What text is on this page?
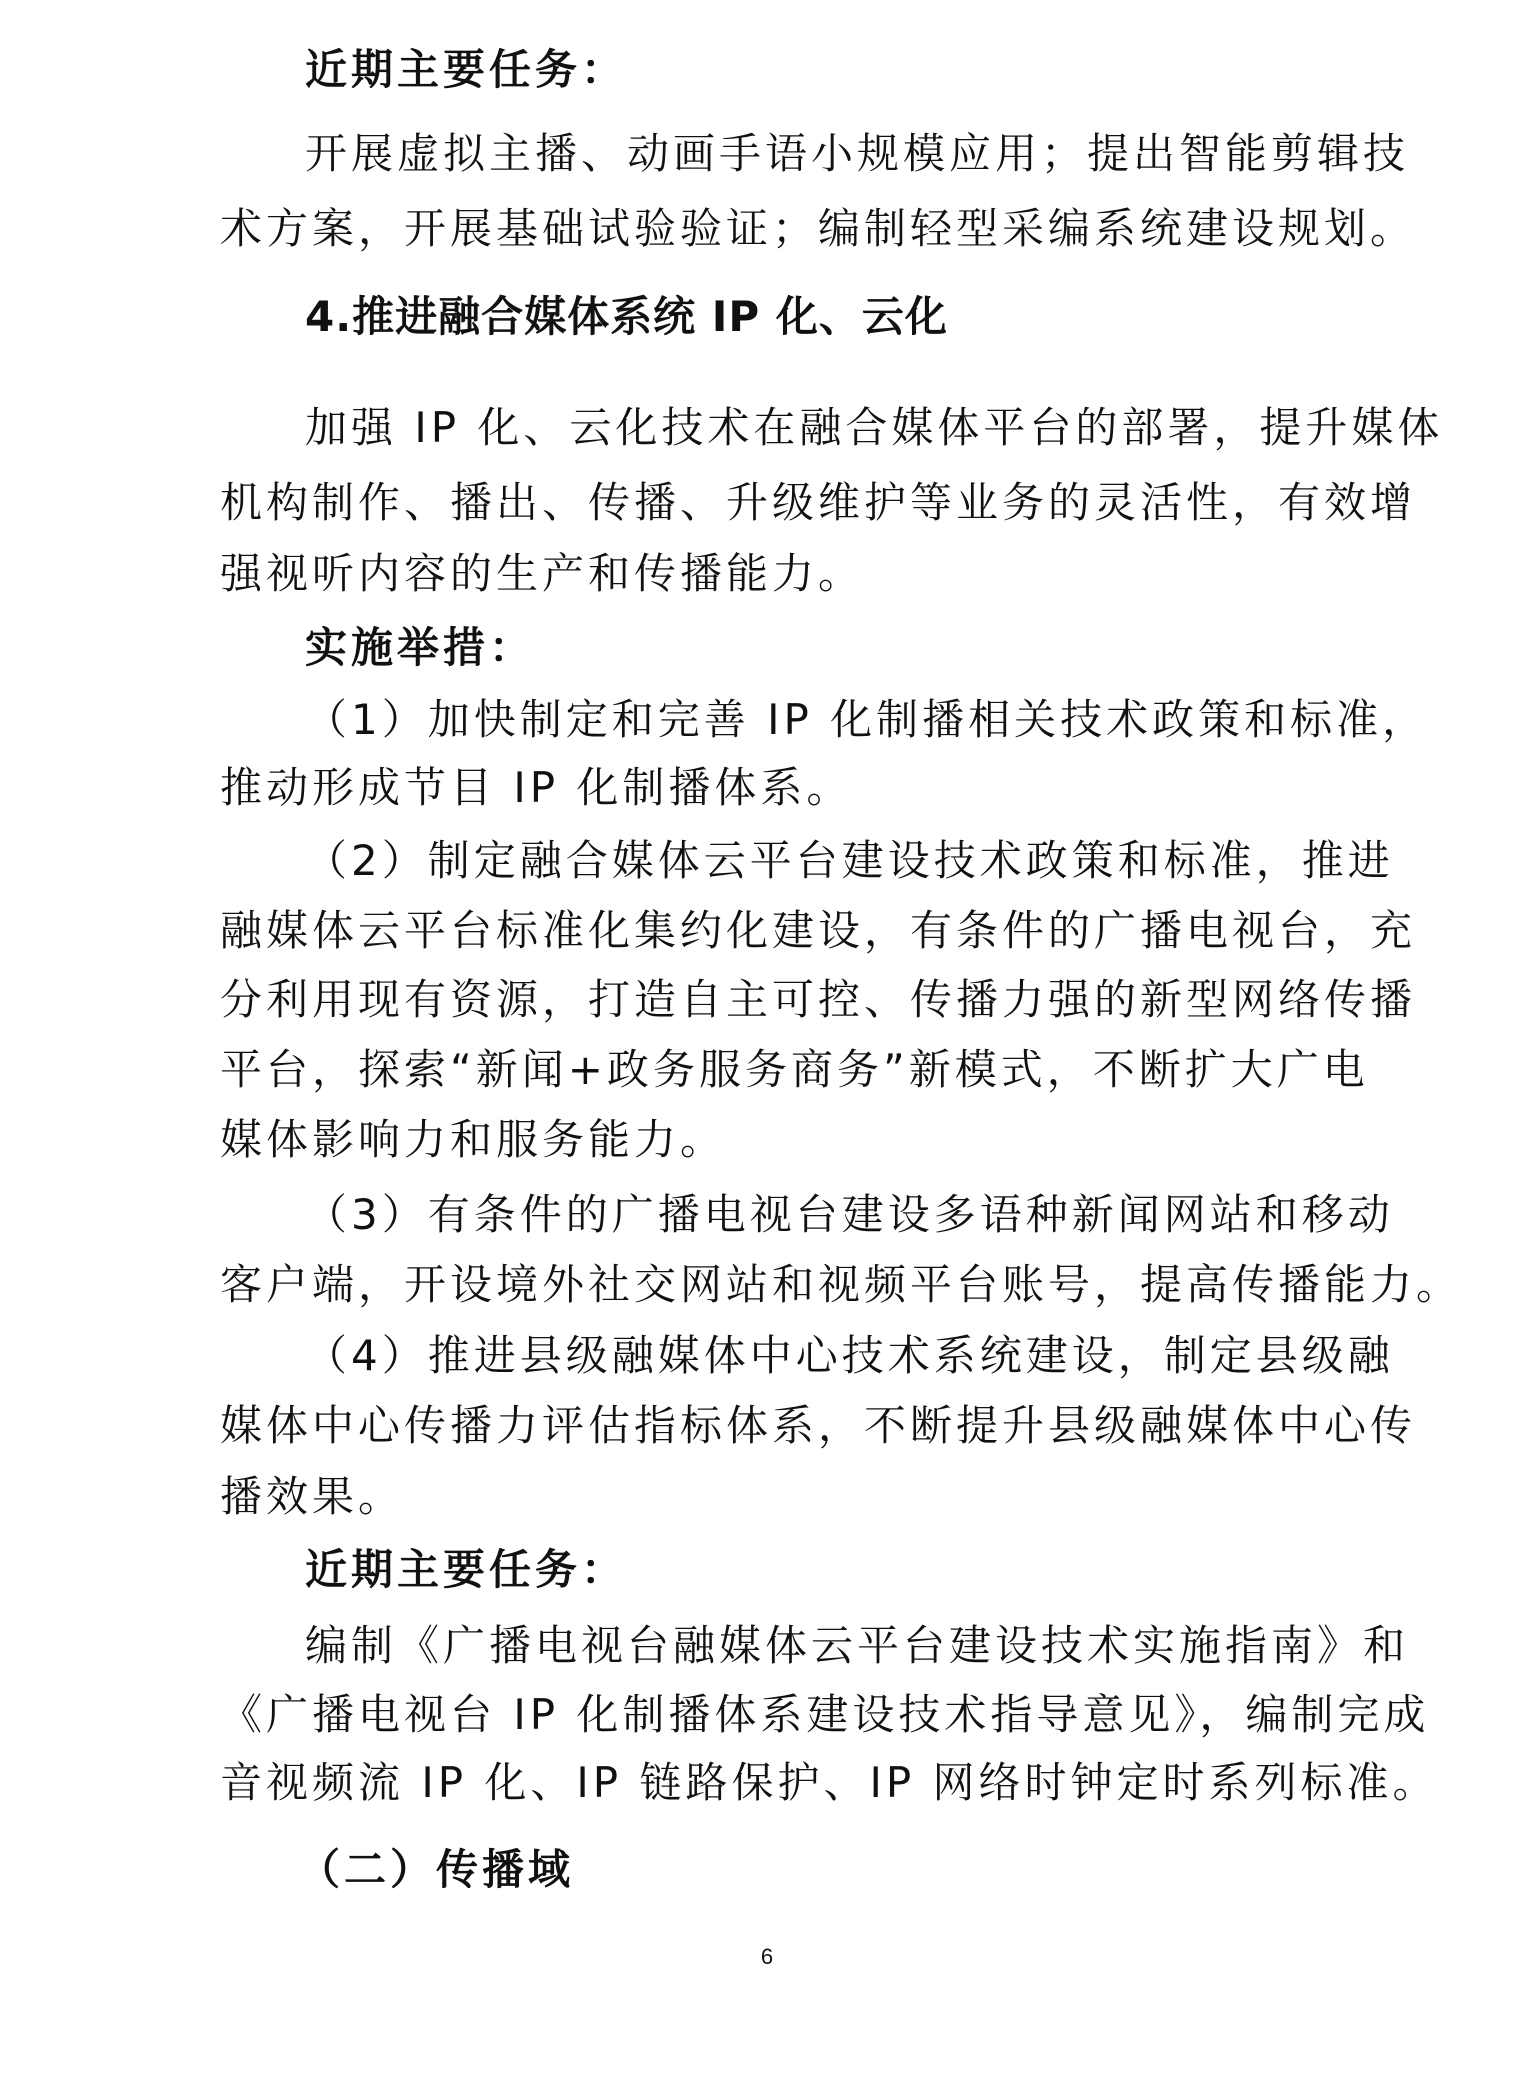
近期主要任务：
开展虚拟主播、动画手语小规模应用；提出智能剪辑技
术方案，开展基础试验验证；编制轻型采编系统建设规划。
4.推进融合媒体系统 IP 化、云化
加强 IP 化、云化技术在融合媒体平台的部署，提升媒体
机构制作、播出、传播、升级维护等业务的灵活性，有效增
强视听内容的生产和传播能力。
实施举措：
（1）加快制定和完善 IP 化制播相关技术政策和标准，
推动形成节目 IP 化制播体系。
（2）制定融合媒体云平台建设技术政策和标准，推进
融媒体云平台标准化集约化建设，有条件的广播电视台，充
分利用现有资源，打造自主可控、传播力强的新型网络传播
平台，探索“新闻+政务服务商务”新模式，不断扩大广电
媒体影响力和服务能力。
（3）有条件的广播电视台建设多语种新闻网站和移动
客户端，开设境外社交网站和视频平台账号，提高传播能力。
（4）推进县级融媒体中心技术系统建设，制定县级融
媒体中心传播力评估指标体系，不断提升县级融媒体中心传
播效果。
近期主要任务：
编制《广播电视台融媒体云平台建设技术实施指南》和
《广播电视台 IP 化制播体系建设技术指导意见》，编制完成
音视频流 IP 化、IP 链路保护、IP 网络时钟定时系列标准。
（二）传播域
6
